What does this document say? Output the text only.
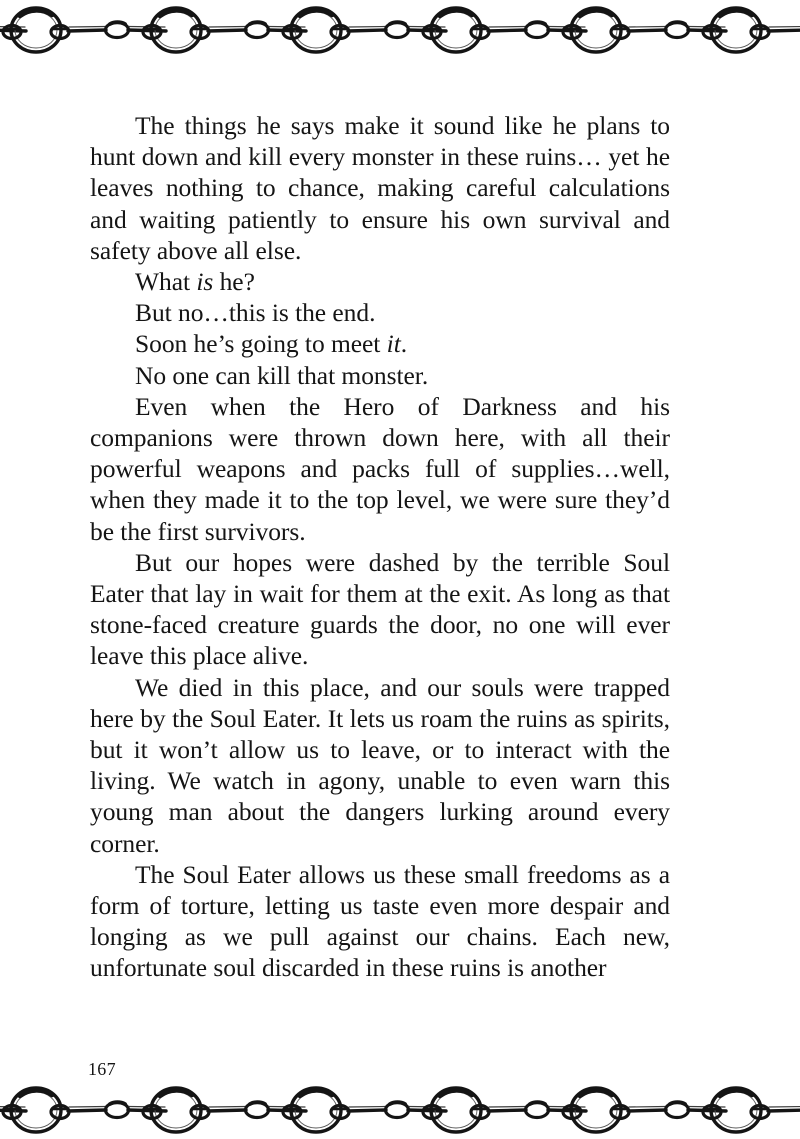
The things he says make it sound like he plans to hunt down and kill every monster in these ruins… yet he leaves nothing to chance, making careful calculations and waiting patiently to ensure his own survival and safety above all else.

What is he?

But no…this is the end.

Soon he’s going to meet it.

No one can kill that monster.

Even when the Hero of Darkness and his companions were thrown down here, with all their powerful weapons and packs full of supplies…well, when they made it to the top level, we were sure they’d be the first survivors.

But our hopes were dashed by the terrible Soul Eater that lay in wait for them at the exit. As long as that stone-faced creature guards the door, no one will ever leave this place alive.

We died in this place, and our souls were trapped here by the Soul Eater. It lets us roam the ruins as spirits, but it won’t allow us to leave, or to interact with the living. We watch in agony, unable to even warn this young man about the dangers lurking around every corner.

The Soul Eater allows us these small freedoms as a form of torture, letting us taste even more despair and longing as we pull against our chains. Each new, unfortunate soul discarded in these ruins is another

167
